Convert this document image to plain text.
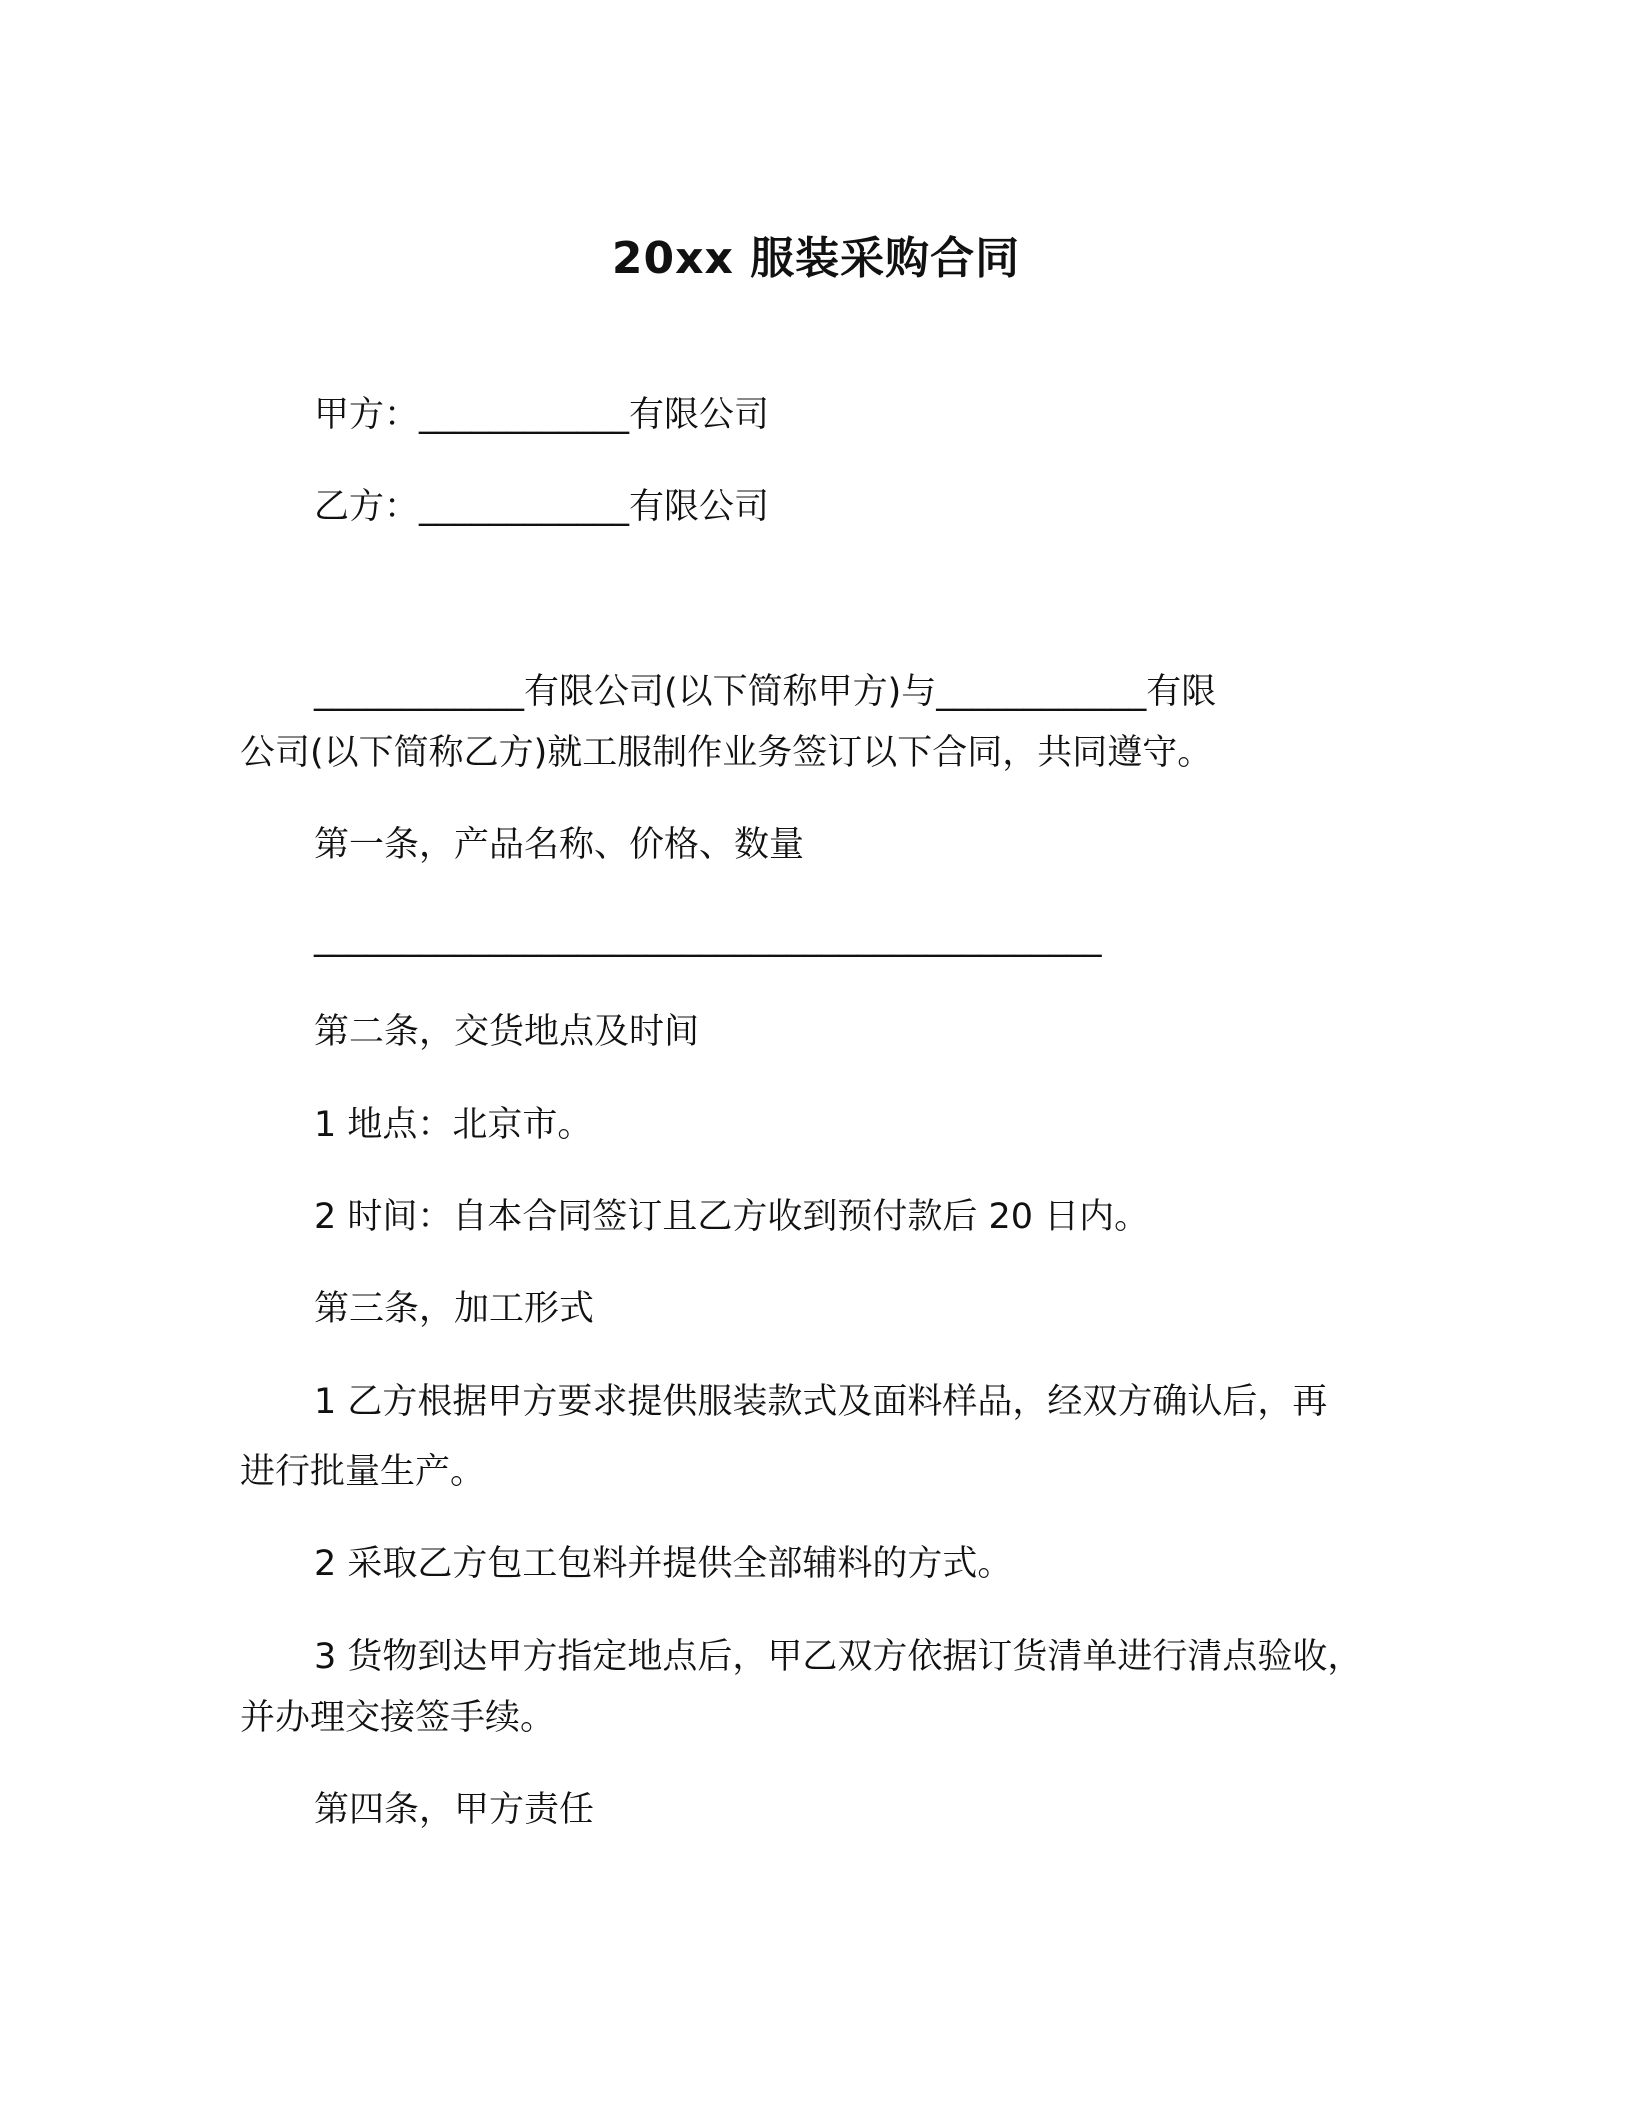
20xx 服装采购合同
甲方：____________有限公司
乙方：____________有限公司
____________有限公司(以下简称甲方)与____________有限
公司(以下简称乙方)就工服制作业务签订以下合同，共同遵守。
第一条，产品名称、价格、数量
_____________________________________________
第二条，交货地点及时间
1 地点：北京市。
2 时间：自本合同签订且乙方收到预付款后 20 日内。
第三条，加工形式
1 乙方根据甲方要求提供服装款式及面料样品，经双方确认后，再
进行批量生产。
2 采取乙方包工包料并提供全部辅料的方式。
3 货物到达甲方指定地点后，甲乙双方依据订货清单进行清点验收，
并办理交接签手续。
第四条，甲方责任
